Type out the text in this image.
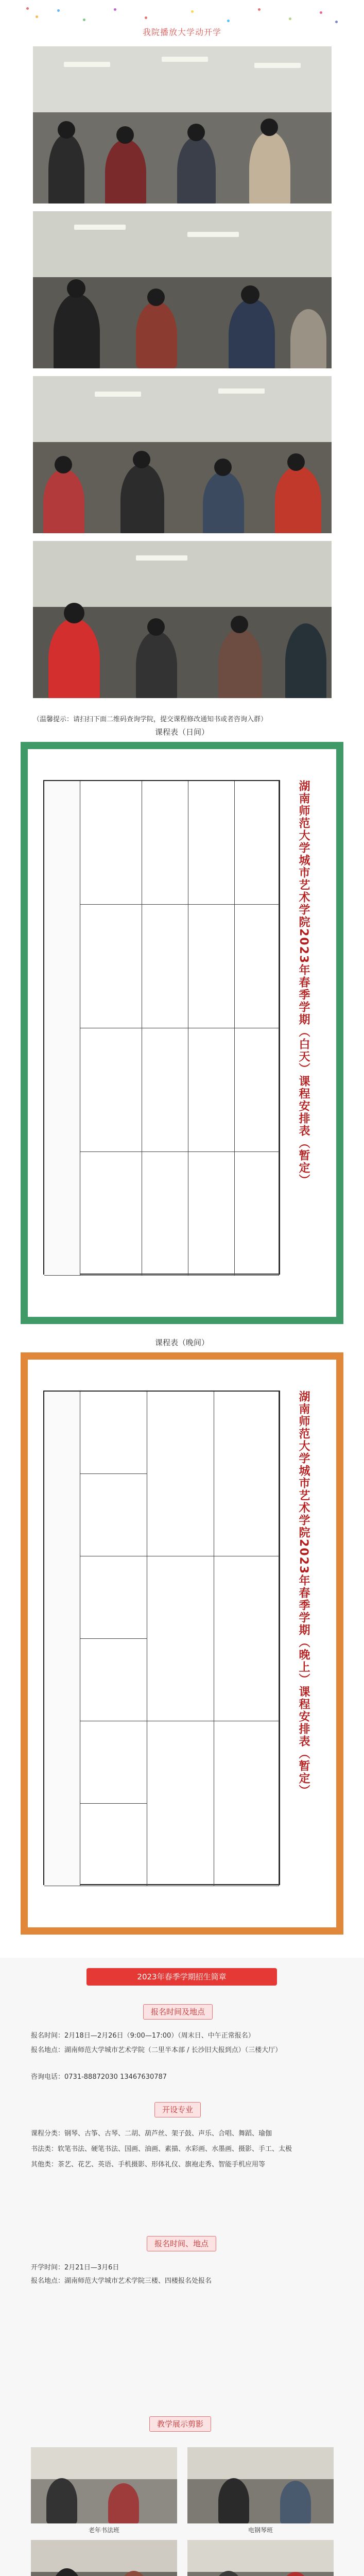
我院播放大学动开学
（温馨提示：请扫扫下面二维码查询学院，提交课程修改通知书或者咨询入群）
课程表（日间）
湖南师范大学城市艺术学院2023年春季学期（白天）课程安排表（暂定）
课程表（晚间）
湖南师范大学城市艺术学院2023年春季学期（晚上）课程安排表（暂定）
2023年春季学期招生简章
报名时间及地点
报名时间：2月18日—2月26日（9:00—17:00）（周末日、中午正常报名）
报名地点：湖南师范大学城市艺术学院（二里半本部 / 长沙旧大报到点）（三楼大厅）
咨询电话：0731-88872030 13467630787
开设专业
课程分类：钢琴、古筝、古琴、二胡、葫芦丝、架子鼓、声乐、合唱、舞蹈、瑜伽
书法类：软笔书法、硬笔书法、国画、油画、素描、水彩画、水墨画、摄影、手工、太极
其他类：茶艺、花艺、英语、手机摄影、形体礼仪、旗袍走秀、智能手机应用等
报名时间、地点
开学时间：2月21日—3月6日
报名地点：湖南师范大学城市艺术学院三楼、四楼报名处报名
教学展示剪影
老年书法班	电钢琴班
